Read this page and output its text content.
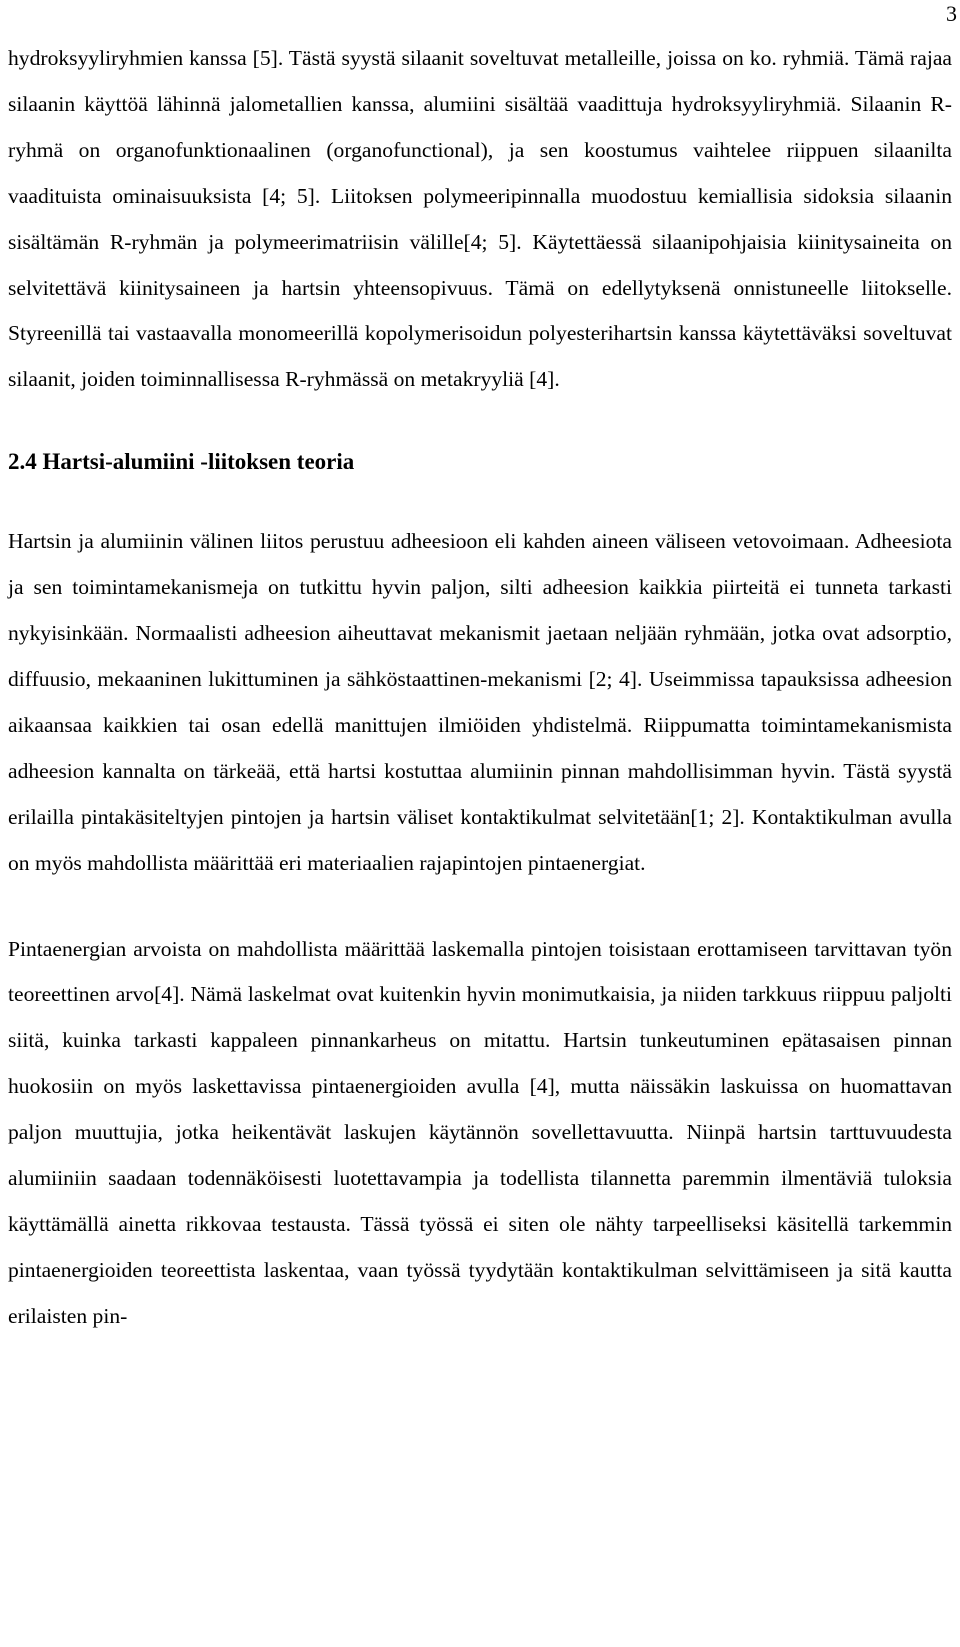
3

hydroksyyliryhmien kanssa [5]. Tästä syystä silaanit soveltuvat metalleille, joissa on ko. ryhmiä. Tämä rajaa silaanin käyttöä lähinnä jalometallien kanssa, alumiini sisältää vaadittuja hydroksyyliryhmiä. Silaanin R-ryhmä on organofunktionaalinen (organofunctional), ja sen koostumus vaihtelee riippuen silaanilta vaadituista ominaisuuksista [4; 5]. Liitoksen polymeeripinnalla muodostuu kemiallisia sidoksia silaanin sisältämän R-ryhmän ja polymeerimatriisin välille[4; 5]. Käytettäessä silaanipohjaisia kiinitysaineita on selvitettävä kiinitysaineen ja hartsin yhteensopivuus. Tämä on edellytyksenä onnistuneelle liitokselle. Styreenillä tai vastaavalla monomeerillä kopolymerisoidun polyesterihartsin kanssa käytettäväksi soveltuvat silaanit, joiden toiminnallisessa R-ryhmässä on metakryyliä [4].

2.4 Hartsi-alumiini -liitoksen teoria

Hartsin ja alumiinin välinen liitos perustuu adheesioon eli kahden aineen väliseen vetovoimaan. Adheesiota ja sen toimintamekanismeja on tutkittu hyvin paljon, silti adheesion kaikkia piirteitä ei tunneta tarkasti nykyisinkään. Normaalisti adheesion aiheuttavat mekanismit jaetaan neljään ryhmään, jotka ovat adsorptio, diffuusio, mekaaninen lukittuminen ja sähköstaattinen-mekanismi [2; 4]. Useimmissa tapauksissa adheesion aikaansaa kaikkien tai osan edellä manittujen ilmiöiden yhdistelmä. Riippumatta toimintamekanismista adheesion kannalta on tärkeää, että hartsi kostuttaa alumiinin pinnan mahdollisimman hyvin. Tästä syystä erilailla pintakäsiteltyjen pintojen ja hartsin väliset kontaktikulmat selvitetään[1; 2]. Kontaktikulman avulla on myös mahdollista määrittää eri materiaalien rajapintojen pintaenergiat.

Pintaenergian arvoista on mahdollista määrittää laskemalla pintojen toisistaan erottamiseen tarvittavan työn teoreettinen arvo[4]. Nämä laskelmat ovat kuitenkin hyvin monimutkaisia, ja niiden tarkkuus riippuu paljolti siitä, kuinka tarkasti kappaleen pinnankarheus on mitattu. Hartsin tunkeutuminen epätasaisen pinnan huokosiin on myös laskettavissa pintaenergioiden avulla [4], mutta näissäkin laskuissa on huomattavan paljon muuttujia, jotka heikentävät laskujen käytännön sovellettavuutta. Niinpä hartsin tarttuvuudesta alumiiniin saadaan todennäköisesti luotettavampia ja todellista tilannetta paremmin ilmentäviä tuloksia käyttämällä ainetta rikkovaa testausta. Tässä työssä ei siten ole nähty tarpeelliseksi käsitellä tarkemmin pintaenergioiden teoreettista laskentaa, vaan työssä tyydytään kontaktikulman selvittämiseen ja sitä kautta erilaisten pin-
